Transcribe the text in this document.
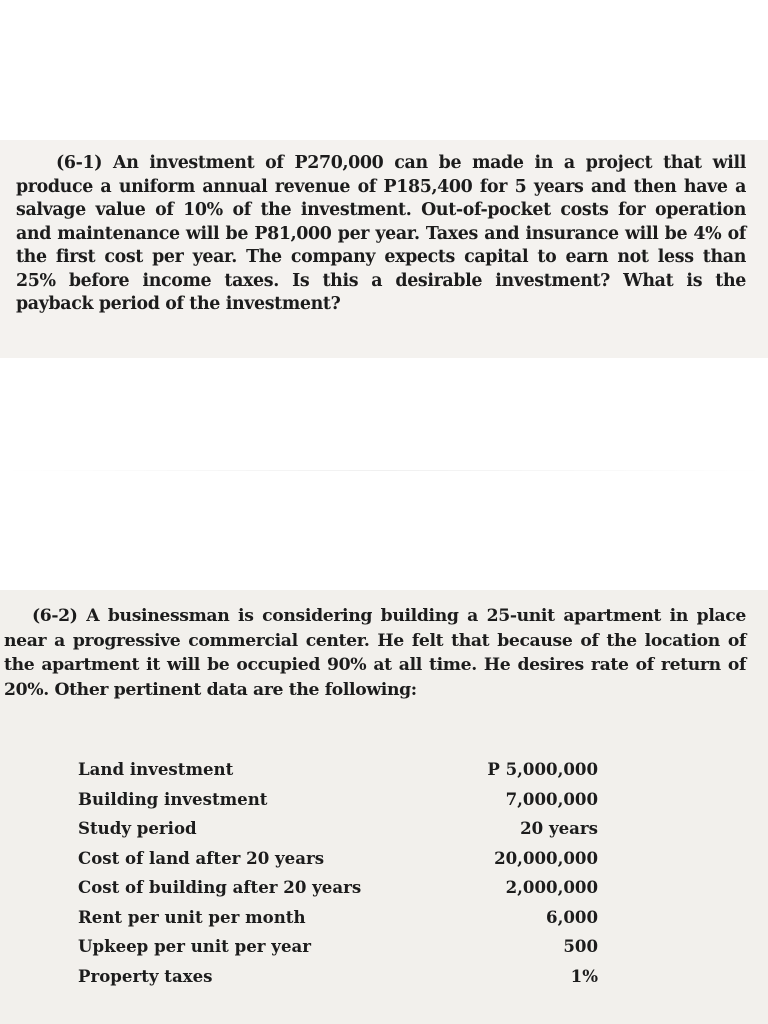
(6-1) An investment of P270,000 can be made in a project that will produce a uniform annual revenue of P185,400 for 5 years and then have a salvage value of 10% of the investment. Out-of-pocket costs for operation and maintenance will be P81,000 per year. Taxes and insurance will be 4% of the first cost per year. The company expects capital to earn not less than 25% before income taxes. Is this a desirable investment? What is the payback period of the investment?

(6-2) A businessman is considering building a 25-unit apartment in place near a progressive commercial center. He felt that because of the location of the apartment it will be occupied 90% at all time. He desires rate of return of 20%. Other pertinent data are the following:

Land investment	P 5,000,000
Building investment	7,000,000
Study period	20 years
Cost of land after 20 years	20,000,000
Cost of building after 20 years	2,000,000
Rent per unit per month	6,000
Upkeep per unit per year	500
Property taxes	1%
